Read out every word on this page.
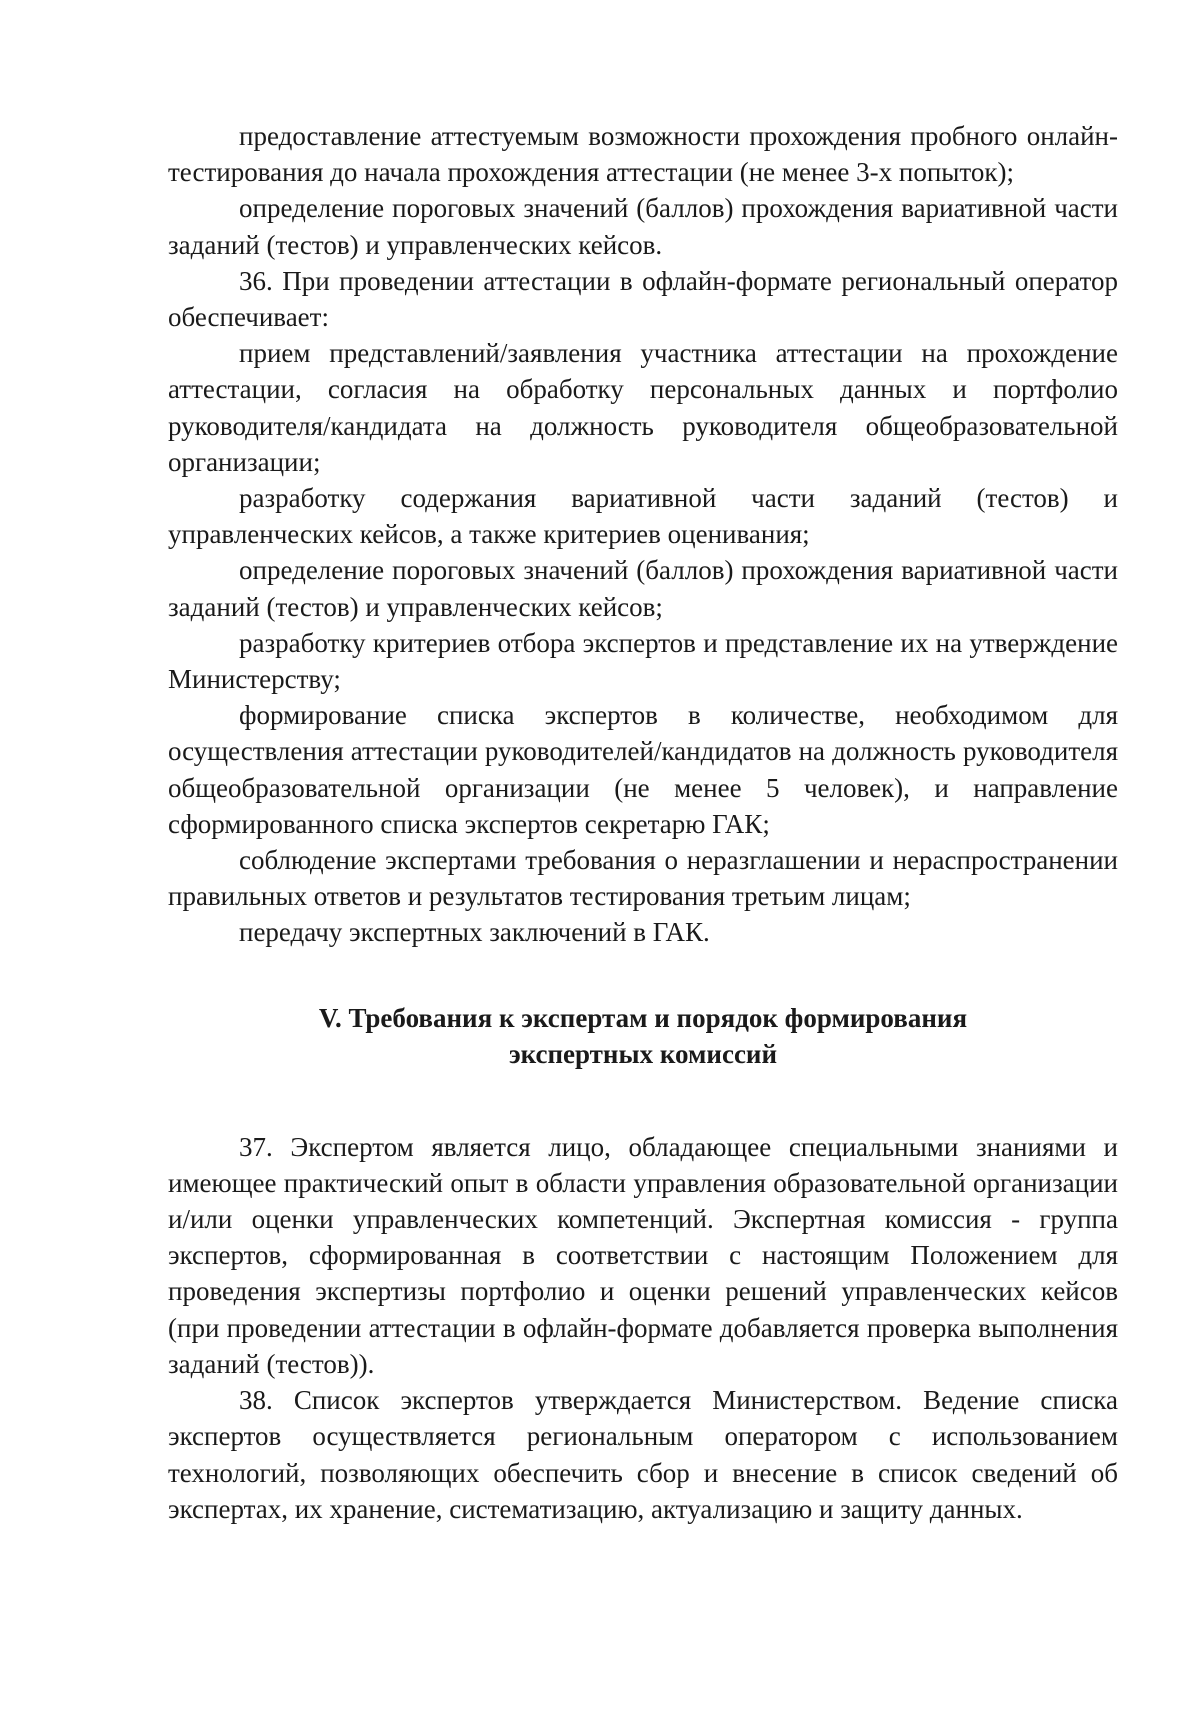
предоставление аттестуемым возможности прохождения пробного онлайн-тестирования до начала прохождения аттестации (не менее 3-х попыток);

определение пороговых значений (баллов) прохождения вариативной части заданий (тестов) и управленческих кейсов.

36. При проведении аттестации в офлайн-формате региональный оператор обеспечивает:

прием представлений/заявления участника аттестации на прохождение аттестации, согласия на обработку персональных данных и портфолио руководителя/кандидата на должность руководителя общеобразовательной организации;

разработку содержания вариативной части заданий (тестов) и управленческих кейсов, а также критериев оценивания;

определение пороговых значений (баллов) прохождения вариативной части заданий (тестов) и управленческих кейсов;

разработку критериев отбора экспертов и представление их на утверждение Министерству;

формирование списка экспертов в количестве, необходимом для осуществления аттестации руководителей/кандидатов на должность руководителя общеобразовательной организации (не менее 5 человек), и направление сформированного списка экспертов секретарю ГАК;

соблюдение экспертами требования о неразглашении и нераспространении правильных ответов и результатов тестирования третьим лицам;

передачу экспертных заключений в ГАК.

V. Требования к экспертам и порядок формирования
экспертных комиссий

37. Экспертом является лицо, обладающее специальными знаниями и имеющее практический опыт в области управления образовательной организации и/или оценки управленческих компетенций. Экспертная комиссия - группа экспертов, сформированная в соответствии с настоящим Положением для проведения экспертизы портфолио и оценки решений управленческих кейсов (при проведении аттестации в офлайн-формате добавляется проверка выполнения заданий (тестов)).

38. Список экспертов утверждается Министерством. Ведение списка экспертов осуществляется региональным оператором с использованием технологий, позволяющих обеспечить сбор и внесение в список сведений об экспертах, их хранение, систематизацию, актуализацию и защиту данных.
